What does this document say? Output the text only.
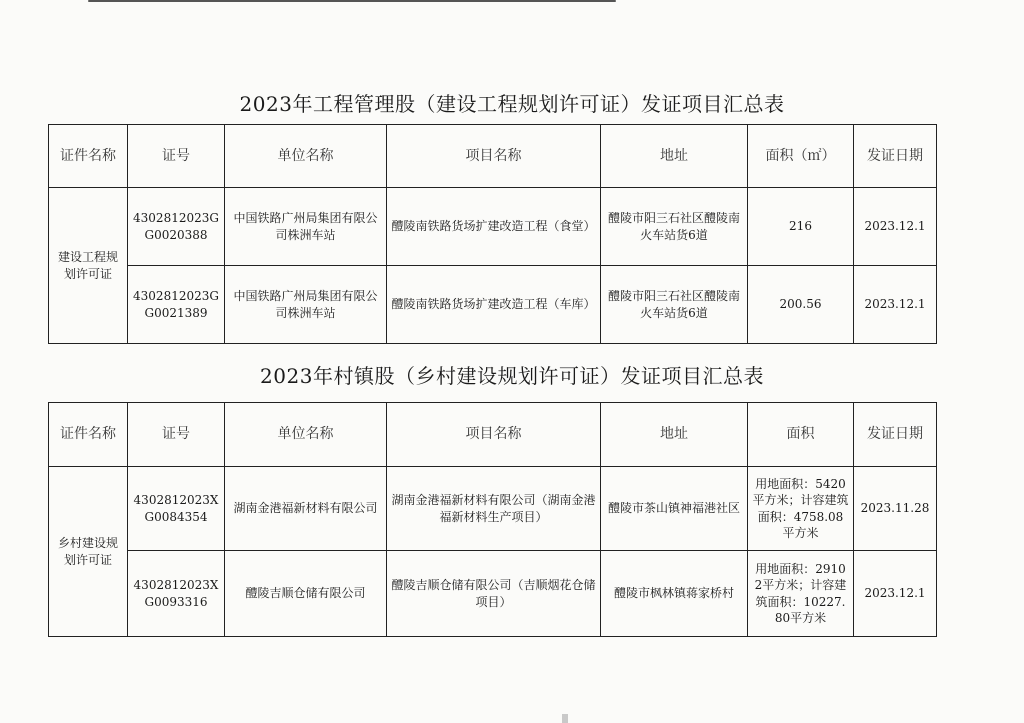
2023年工程管理股（建设工程规划许可证）发证项目汇总表
证件名称	证号	单位名称	项目名称	地址	面积（㎡）	发证日期
建设工程规划许可证	4302812023GG0020388	中国铁路广州局集团有限公司株洲车站	醴陵南铁路货场扩建改造工程（食堂）	醴陵市阳三石社区醴陵南火车站货6道	216	2023.12.1
	4302812023GG0021389	中国铁路广州局集团有限公司株洲车站	醴陵南铁路货场扩建改造工程（车库）	醴陵市阳三石社区醴陵南火车站货6道	200.56	2023.12.1
2023年村镇股（乡村建设规划许可证）发证项目汇总表
证件名称	证号	单位名称	项目名称	地址	面积	发证日期
乡村建设规划许可证	4302812023XG0084354	湖南金港福新材料有限公司	湖南金港福新材料有限公司（湖南金港福新材料生产项目）	醴陵市茶山镇神福港社区	用地面积：5420平方米；计容建筑面积：4758.08平方米	2023.11.28
	4302812023XG0093316	醴陵吉顺仓储有限公司	醴陵吉顺仓储有限公司（吉顺烟花仓储项目）	醴陵市枫林镇蒋家桥村	用地面积：29102平方米；计容建筑面积：10227.80平方米	2023.12.1
